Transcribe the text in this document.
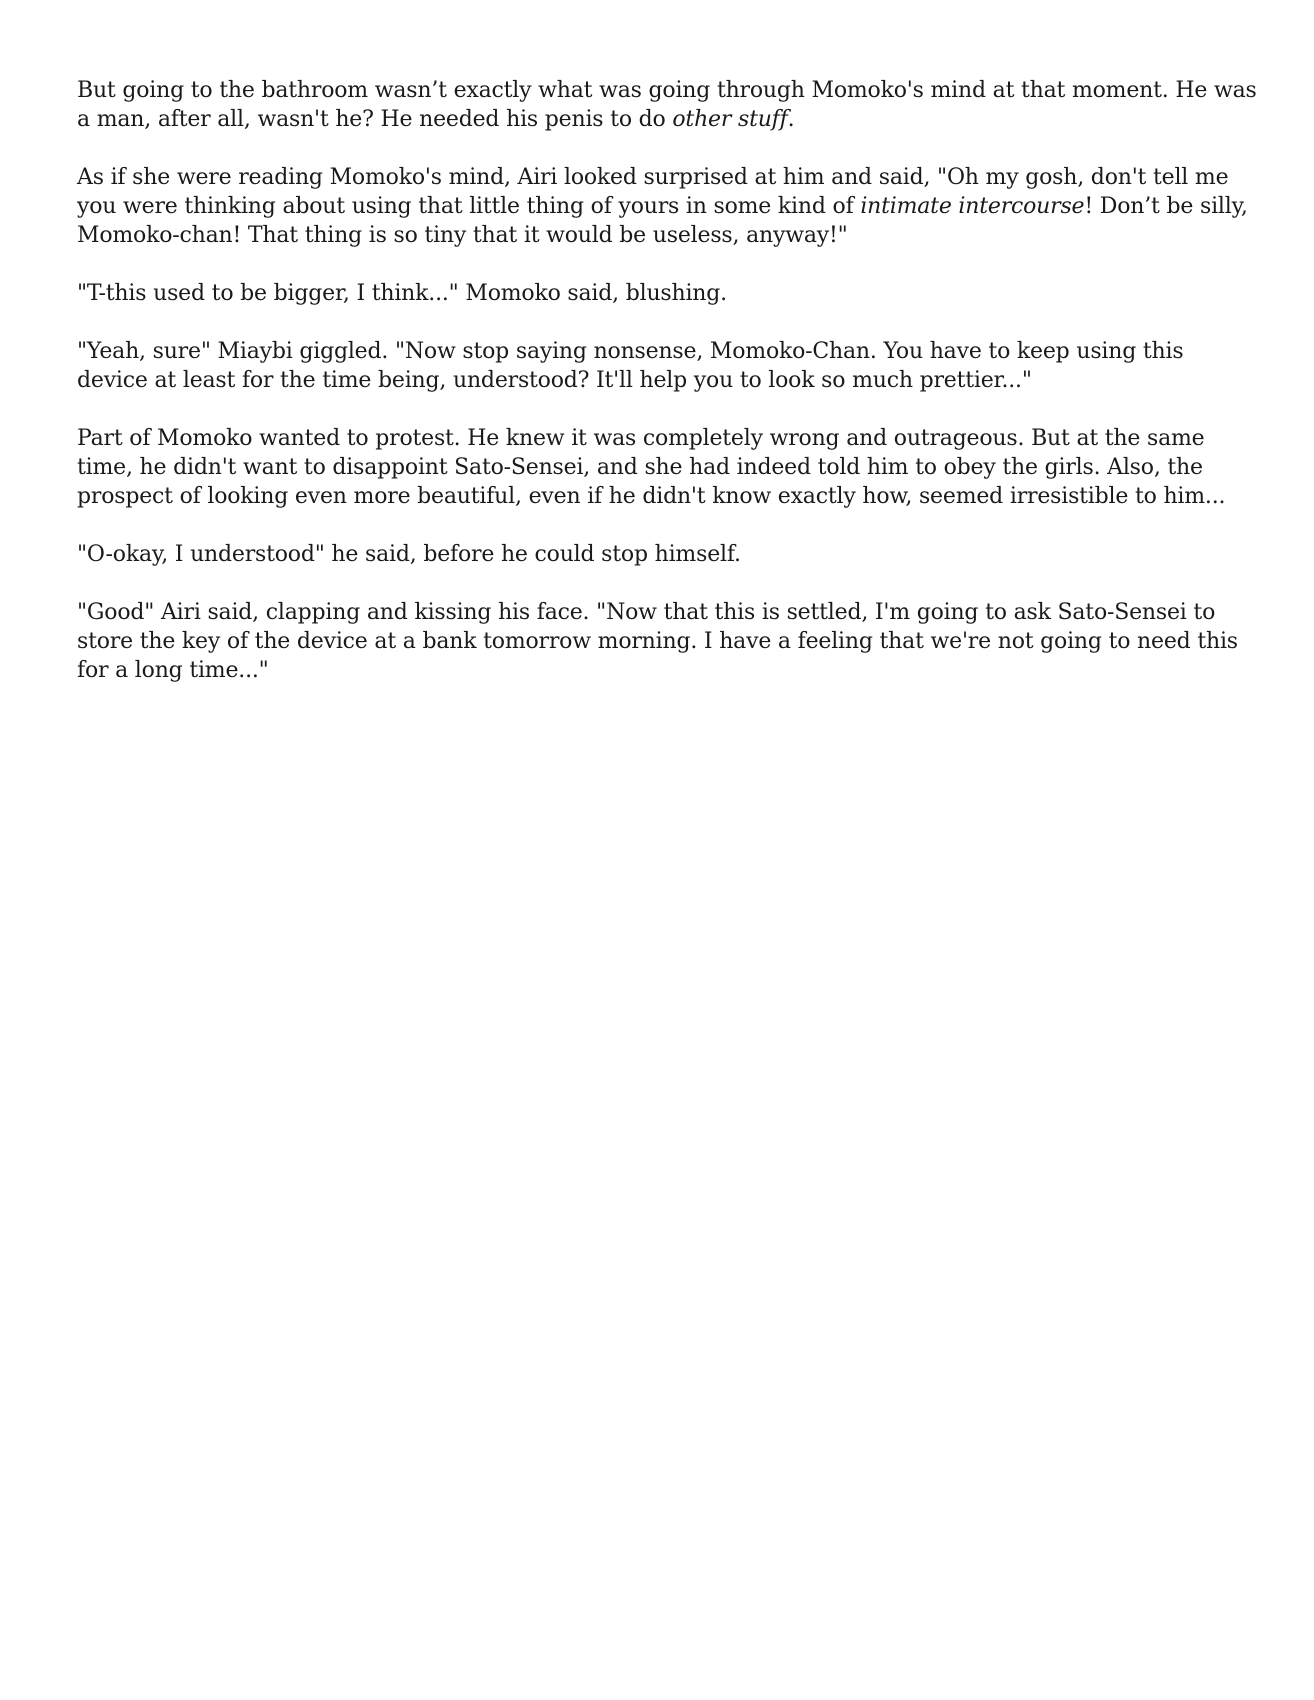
But going to the bathroom wasn’t exactly what was going through Momoko's mind at that moment. He was a man, after all, wasn't he? He needed his penis to do other stuff.

As if she were reading Momoko's mind, Airi looked surprised at him and said, "Oh my gosh, don't tell me you were thinking about using that little thing of yours in some kind of intimate intercourse! Don’t be silly, Momoko-chan! That thing is so tiny that it would be useless, anyway!"

"T-this used to be bigger, I think..." Momoko said, blushing.

"Yeah, sure" Miaybi giggled. "Now stop saying nonsense, Momoko-Chan. You have to keep using this device at least for the time being, understood? It'll help you to look so much prettier..."

Part of Momoko wanted to protest. He knew it was completely wrong and outrageous. But at the same time, he didn't want to disappoint Sato-Sensei, and she had indeed told him to obey the girls. Also, the prospect of looking even more beautiful, even if he didn't know exactly how, seemed irresistible to him...

"O-okay, I understood" he said, before he could stop himself.

"Good" Airi said, clapping and kissing his face. "Now that this is settled, I'm going to ask Sato-Sensei to store the key of the device at a bank tomorrow morning. I have a feeling that we're not going to need this for a long time..."
